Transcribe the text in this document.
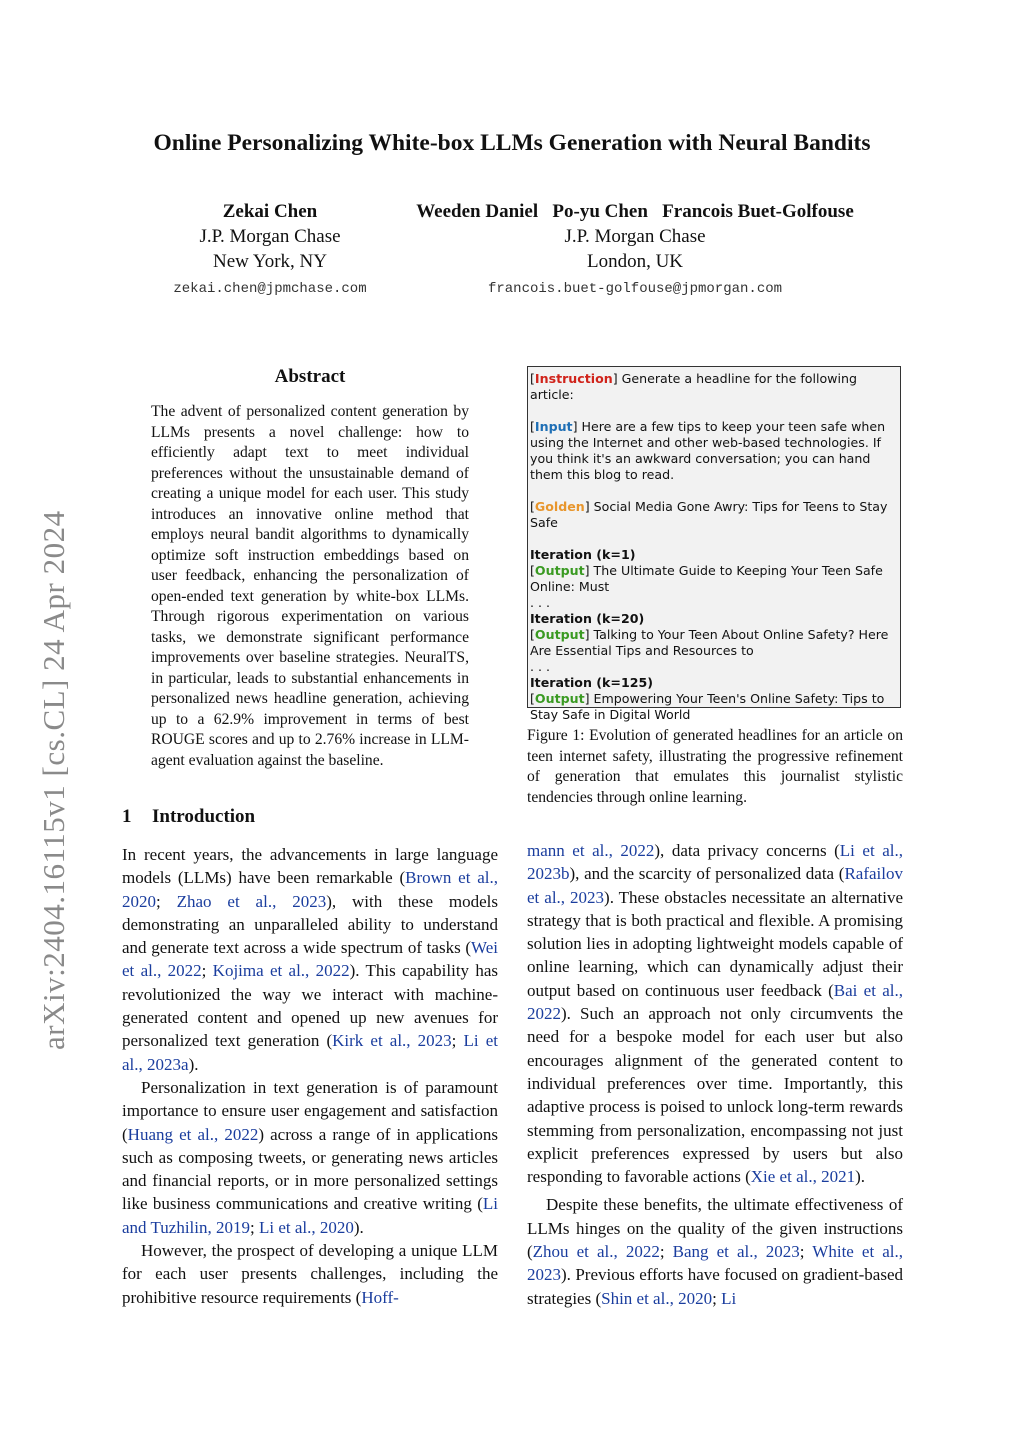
arXiv:2404.16115v1 [cs.CL] 24 Apr 2024
Online Personalizing White-box LLMs Generation with Neural Bandits
Zekai Chen
J.P. Morgan Chase
New York, NY
zekai.chen@jpmchase.com
Weeden Daniel   Po-yu Chen   Francois Buet-Golfouse
J.P. Morgan Chase
London, UK
francois.buet-golfouse@jpmorgan.com
Abstract
The advent of personalized content generation by LLMs presents a novel challenge: how to efficiently adapt text to meet individual preferences without the unsustainable demand of creating a unique model for each user. This study introduces an innovative online method that employs neural bandit algorithms to dynamically optimize soft instruction embeddings based on user feedback, enhancing the personalization of open-ended text generation by white-box LLMs. Through rigorous experimentation on various tasks, we demonstrate significant performance improvements over baseline strategies. NeuralTS, in particular, leads to substantial enhancements in personalized news headline generation, achieving up to a 62.9% improvement in terms of best ROUGE scores and up to 2.76% increase in LLM-agent evaluation against the baseline.
1 Introduction

In recent years, the advancements in large language models (LLMs) have been remarkable (Brown et al., 2020; Zhao et al., 2023), with these models demonstrating an unparalleled ability to understand and generate text across a wide spectrum of tasks (Wei et al., 2022; Kojima et al., 2022). This capability has revolutionized the way we interact with machine-generated content and opened up new avenues for personalized text generation (Kirk et al., 2023; Li et al., 2023a).

Personalization in text generation is of paramount importance to ensure user engagement and satisfaction (Huang et al., 2022) across a range of in applications such as composing tweets, or generating news articles and financial reports, or in more personalized settings like business communications and creative writing (Li and Tuzhilin, 2019; Li et al., 2020).

However, the prospect of developing a unique LLM for each user presents challenges, including the prohibitive resource requirements (Hoff-

[Instruction] Generate a headline for the following article:
[Input] Here are a few tips to keep your teen safe when using the Internet and other web-based technologies. If you think it's an awkward conversation; you can hand them this blog to read.
[Golden] Social Media Gone Awry: Tips for Teens to Stay Safe
Iteration (k=1)
[Output] The Ultimate Guide to Keeping Your Teen Safe Online: Must
. . .
Iteration (k=20)
[Output] Talking to Your Teen About Online Safety? Here Are Essential Tips and Resources to
. . .
Iteration (k=125)
[Output] Empowering Your Teen's Online Safety: Tips to Stay Safe in Digital World
Figure 1: Evolution of generated headlines for an article on teen internet safety, illustrating the progressive refinement of generation that emulates this journalist stylistic tendencies through online learning.

mann et al., 2022), data privacy concerns (Li et al., 2023b), and the scarcity of personalized data (Rafailov et al., 2023). These obstacles necessitate an alternative strategy that is both practical and flexible. A promising solution lies in adopting lightweight models capable of online learning, which can dynamically adjust their output based on continuous user feedback (Bai et al., 2022). Such an approach not only circumvents the need for a bespoke model for each user but also encourages alignment of the generated content to individual preferences over time. Importantly, this adaptive process is poised to unlock long-term rewards stemming from personalization, encompassing not just explicit preferences expressed by users but also responding to favorable actions (Xie et al., 2021).

Despite these benefits, the ultimate effectiveness of LLMs hinges on the quality of the given instructions (Zhou et al., 2022; Bang et al., 2023; White et al., 2023). Previous efforts have focused on gradient-based strategies (Shin et al., 2020; Li
